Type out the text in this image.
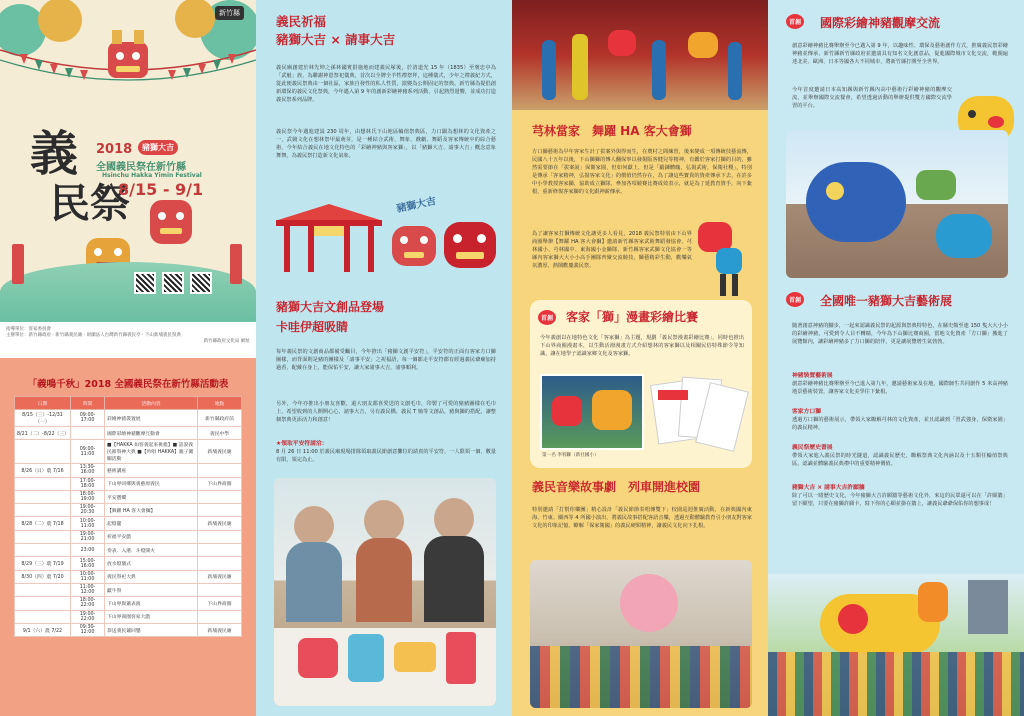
新竹縣
義
民祭
2018	豬獅大吉
全國義民祭在新竹縣
Hsinchu Hakka Yimin Festival
8/15 - 9/1
指導單位：客家委員會
主辦單位：新竹縣政府 · 新竹縣義民廟 · 財團法人台灣新竹縣義民亭 · 下山新埔義民祭典
新竹縣政府文化局 網址
「義鳴千秋」2018 全國義民祭在新竹縣活動表
日期	時間	活動內容	地點
8/15（三）-12/31（一）	09:00-17:00	彩繪神豬裝置展	新竹縣政府前
8/21（二）-8/22（三）		國際彩繪神豬觀摩互動會	義民中學
	09:00-11:00	■【HAKKA 如客義起來挑擔】■ 話說義民節祭神大典 ■【吟唱 HAKKA】親子闖關活動	新埔義民廟
8/26（日）農 7/16	13:30-16:00	藝術講座	
	17:00-18:00	下山界同鄉與義藝原義民	下山界商圈
	18:00-19:00	平安寶燭	
	19:00-20:30	【舞躍 HA 客大會獅】	
8/28（二）農 7/18	10:00-11:00	起燈籠	新埔義民廟
	19:00-21:00	祈福平安戲	
	23:00	奏表．入港．斗燈開火	
8/29（三）農 7/19	15:00-16:00	放水燈儀式	
8/30（四）農 7/20	10:00-11:00	義民祭祀大典	新埔義民廟
	11:00-12:00	獻牛祭	
	18:00-22:00	下山界與蕭表演	下山界商圈
	19:00-22:00	下山界商圈客家大戲	
9/1（六）農 7/22	09:30-12:00	恭送義民爺回鑾	新埔義民廟
義民祈福
豬獅大吉 × 請事大吉
義民廟創建於林先坤之孫林國賓捐施地而建義民塚後，於清道光 15 年（1835）至褒忠亭為「武魁」族，為聯謝神恩祭祀儀典，首次以全牌全羊牲禮祭拜，這種儀式，少年之禮義紀方式，從此便義民祭典由一個社區，家族自發性的私人性質，演變為公開固定的祭典。新竹縣為提倡創新環保的義民文化祭典，今年邁入第 9 年的創新彩繪神豬系列活動，引起熱烈迴響，並成功打造義民祭系列品牌。
義民祭今年邁進建設 230 周年，由想林氏下山地區輪值祭典區，力口闢為想林的文化資產之一，武競文化在想林祭甲最萌芽，是一種結合武術、舞象、戲劇、舞蹈及客家傳統中的綜合藝術，今年結合義民在地文化特色的「彩繪神豬與客家獅」，以「豬獅大吉、請事大吉」概念意象舞舞，為義民祭打造新文化氣象。
豬獅大吉
豬獅大吉文創品登場
卡哇伊超吸睛
每年義民祭的文創商品都備受矚目，今年推出「豬獅文創平安符」，平安符的正面有客家方口獅圖樣，而背面則是豬的團樣及「請事平安」之祝福語，每一個都走平安符都有經過義民爺廟加持過香，配戴在身上，能保佑平安，讓大家諸事大吉，諸事順利。
另外，今年亦推出小朋友喜歡，還大朋友都喜愛送的文創毛巾，印製了可愛的豬豬圖樣在毛巾上，希望收到的人開開心心，諸事大吉，另有義民橋、義民 T 恤等文創品，豬與獅的搭配，讓整個祭典更添活力和創意！
★領取平安符請洽：
8 月 26 日 11:00 於義民廟現場排隊領取義民節創意攤位的請責的平安符，一人限領一個，數量有限，領完為止。
芎林當家　舞躍 HA 客大會獅
方口獅藝術為早年客家生計了拔案外與得而生，在農村之間練習，後來變成一項傳統技藝流傳，民國八十五年以後，下山獅獅的傳人翻保寧以發揚版客健兒等精神，有鑑於客家打獅的目的，雖然需要節在「拔案說」保衛家園，但如何獻上，但是「鍛鍊體魄，弘揚武術，保衛社稷」，特別是傳承「客家精神，弘揚客家文化」的價值仍然存在，為了讓這些寶貴的資產傳承下去，在許多中小學教授客家獅，協助成立獅隊，參加各項競賽比賽成效表示，就是為了延教育資手，向下紮根，重新修復客家獅的文化跟神薪傳承。
為了讓客家打獅傳統文化讓更多人看見，2018 義民祭特別由下山界商圈舉辦【舞躍 HA 客大會獅】邀請新竹縣客家武術舞蹈發協會、芎林國小、芎林國中、東海國小金獅隊、新竹縣客家武獅文化協會一等縣內客家獅大大小小高手團隊齊聚交流競技，獅藝精彩生動，歡樂氣氛濃厚，熱鬧歡慶義民祭。
首創 客家「獅」漫畫彩繪比賽
今年義創以在地特色文化「客家獅」為主題，規劃「義民祭漫畫彩繪比賽」，同時也推出下山界商圈漫畫本，以生動活潑漫畫方式介紹想林的客家獅以及相關民俗特殊節令等知識，讓在地學子認識家鄉文化及客家獅。
第一名 李宥聯（新社國小）
義民音樂故事劇　列車開進校園
特別邀請「打幫你樂團」精心設計「義民節節奏唱傳雙下」校園巡迴推廣活動，在新典國內東海、竹東、關西等 4 所國小演出，將義民故事搭配客語音樂，透過互動體驗教育引小朋友對客家文化的印象記憶，瞭解「保家衛國」的義民硬頸精神，讓義民文化向下扎根。
首創 國際彩繪神豬觀摩交流
創意彩繪神豬比賽舉辦至今已邁入第 9 年，以趣味性、環保及藝術創作方式，推廣義民祭彩繪神豬並傳承，新竹縣新竹縣政府並邀請具有知名文化創意品，促進國際城市文化交流，範圍遍達北美、歐洲、日本等國各大不同城市，將新竹縣打開至全世界。
今年首度邀請日本高知縣與新竹縣內高中藝術行彩繪神豬的觀摩交流，並舉辦國際交流餐會，希望透過活動的舉辦提供雙方國際交流學習的平台。
首創 全國唯一豬獅大吉藝術展
隨著創意神豬的腳步，一起來認識義民祭的起源與祭典特特色，在縣史館至連 150 隻大大小小的彩繪神豬，可愛到令人目不轉睛，今年為下山獅比賽商圈，當地文化資產「方口獅」搬進了展覽館內，讓彩繪神豬多了力口獅的陪伴，更是讓展覽增生氣勃勃。
神豬裝置藝術展
創意彩繪神豬比賽舉辦至今已進入第九年，邀請藝術家及在地、國際師生共同創作 5 米高神豬地景藝術裝置，讓客家文化美學往下紮根。
客家方口獅
透過方口獅的藝術展示，帶領大家瞭解芎林的文化資產，並且認識到「習武強身，保衛家園」的義民精神。
義民祭歷史書展
帶領大家進入義民祭的時光隧道，認識義民歷史，瞭解祭典文化內涵以及十五類任輪值祭典區，認識並體驗義民典禮中的重要精神價值。
豬獅大吉 × 請事大吉許願牆
除了可以一睹歷史文化，今年豬獅大吉許願牆等藝術文化外，來這的民眾還可以在「許願牆」留下願望，只要在豬獅許願卡，寫下你的心願並掛在牆上，讓義民爺爺保佑你的想事成！
